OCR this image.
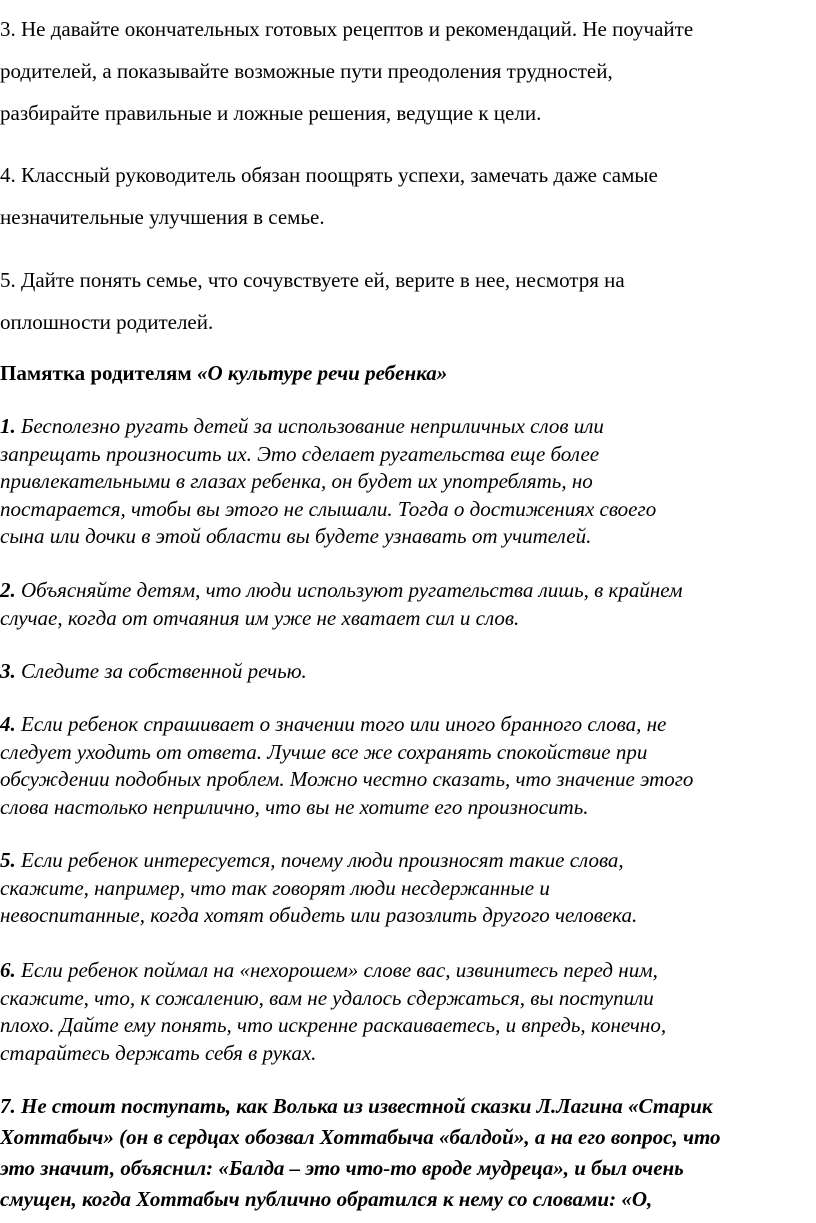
3. Не давайте окончательных готовых рецептов и рекомендаций. Не поучайте
родителей, а показывайте возможные пути преодоления трудностей,
разбирайте правильные и ложные решения, ведущие к цели.

4. Классный руководитель обязан поощрять успехи, замечать даже самые
незначительные улучшения в семье.

5. Дайте понять семье, что сочувствуете ей, верите в нее, несмотря на
оплошности родителей.

Памятка родителям «О культуре речи ребенка»

1. Бесполезно ругать детей за использование неприличных слов или
запрещать произносить их. Это сделает ругательства еще более
привлекательными в глазах ребенка, он будет их употреблять, но
постарается, чтобы вы этого не слышали. Тогда о достижениях своего
сына или дочки в этой области вы будете узнавать от учителей.

2. Объясняйте детям, что люди используют ругательства лишь, в крайнем
случае, когда от отчаяния им уже не хватает сил и слов.

3. Следите за собственной речью.

4. Если ребенок спрашивает о значении того или иного бранного слова, не
следует уходить от ответа. Лучше все же сохранять спокойствие при
обсуждении подобных проблем. Можно честно сказать, что значение этого
слова настолько неприлично, что вы не хотите его произносить.

5. Если ребенок интересуется, почему люди произносят такие слова,
скажите, например, что так говорят люди несдержанные и
невоспитанные, когда хотят обидеть или разозлить другого человека.

6. Если ребенок поймал на «нехорошем» слове вас, извинитесь перед ним,
скажите, что, к сожалению, вам не удалось сдержаться, вы поступили
плохо. Дайте ему понять, что искренне раскаиваетесь, и впредь, конечно,
старайтесь держать себя в руках.

7. Не стоит поступать, как Волька из известной сказки Л.Лагина «Старик
Хоттабыч» (он в сердцах обозвал Хоттабыча «балдой», а на его вопрос, что
это значит, объяснил: «Балда – это что-то вроде мудреца», и был очень
смущен, когда Хоттабыч публично обратился к нему со словами: «О,
